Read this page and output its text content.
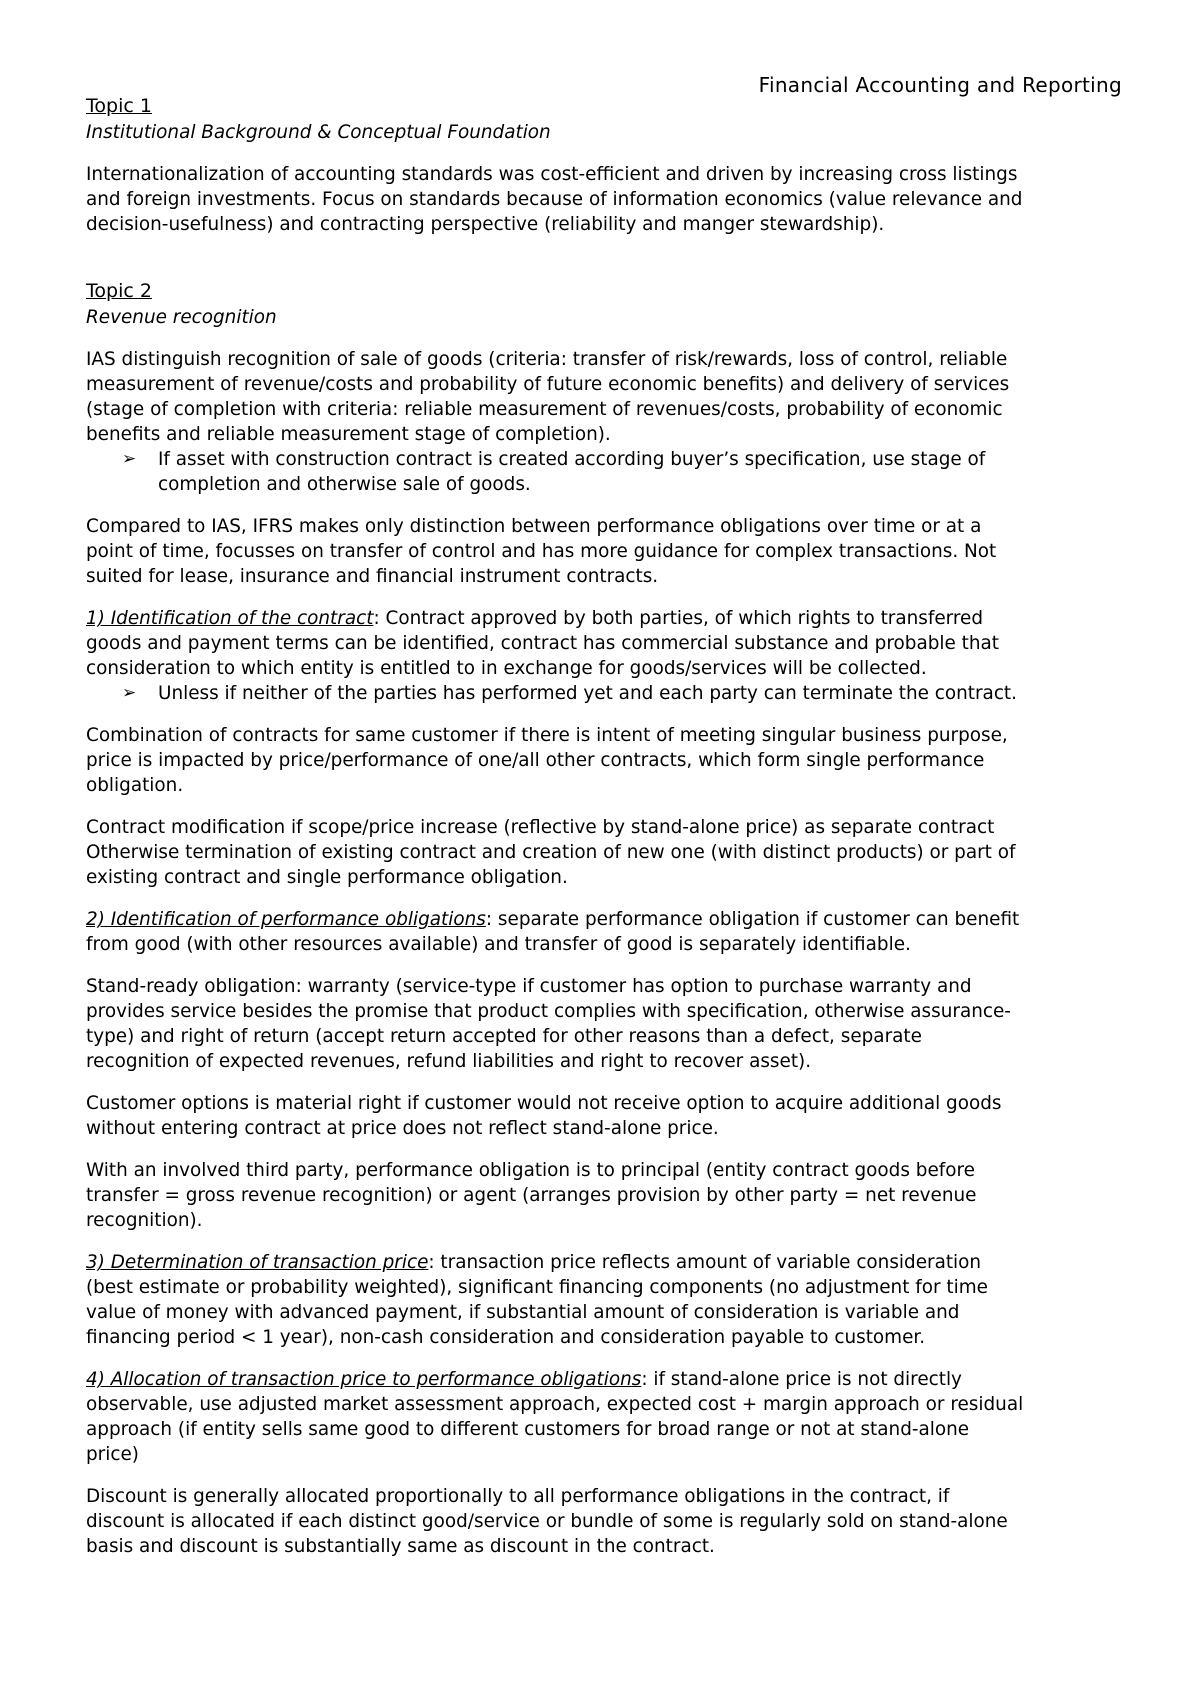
Financial Accounting and Reporting
Topic 1
Institutional Background & Conceptual Foundation
Internationalization of accounting standards was cost-efficient and driven by increasing cross listings
and foreign investments. Focus on standards because of information economics (value relevance and
decision-usefulness) and contracting perspective (reliability and manger stewardship).
Topic 2
Revenue recognition
IAS distinguish recognition of sale of goods (criteria: transfer of risk/rewards, loss of control, reliable
measurement of revenue/costs and probability of future economic benefits) and delivery of services
(stage of completion with criteria: reliable measurement of revenues/costs, probability of economic
benefits and reliable measurement stage of completion).
➢ If asset with construction contract is created according buyer’s specification, use stage of
completion and otherwise sale of goods.
Compared to IAS, IFRS makes only distinction between performance obligations over time or at a
point of time, focusses on transfer of control and has more guidance for complex transactions. Not
suited for lease, insurance and financial instrument contracts.
1) Identification of the contract: Contract approved by both parties, of which rights to transferred
goods and payment terms can be identified, contract has commercial substance and probable that
consideration to which entity is entitled to in exchange for goods/services will be collected.
➢ Unless if neither of the parties has performed yet and each party can terminate the contract.
Combination of contracts for same customer if there is intent of meeting singular business purpose,
price is impacted by price/performance of one/all other contracts, which form single performance
obligation.
Contract modification if scope/price increase (reflective by stand-alone price) as separate contract
Otherwise termination of existing contract and creation of new one (with distinct products) or part of
existing contract and single performance obligation.
2) Identification of performance obligations: separate performance obligation if customer can benefit
from good (with other resources available) and transfer of good is separately identifiable.
Stand-ready obligation: warranty (service-type if customer has option to purchase warranty and
provides service besides the promise that product complies with specification, otherwise assurance-
type) and right of return (accept return accepted for other reasons than a defect, separate
recognition of expected revenues, refund liabilities and right to recover asset).
Customer options is material right if customer would not receive option to acquire additional goods
without entering contract at price does not reflect stand-alone price.
With an involved third party, performance obligation is to principal (entity contract goods before
transfer = gross revenue recognition) or agent (arranges provision by other party = net revenue
recognition).
3) Determination of transaction price: transaction price reflects amount of variable consideration
(best estimate or probability weighted), significant financing components (no adjustment for time
value of money with advanced payment, if substantial amount of consideration is variable and
financing period < 1 year), non-cash consideration and consideration payable to customer.
4) Allocation of transaction price to performance obligations: if stand-alone price is not directly
observable, use adjusted market assessment approach, expected cost + margin approach or residual
approach (if entity sells same good to different customers for broad range or not at stand-alone
price)
Discount is generally allocated proportionally to all performance obligations in the contract, if
discount is allocated if each distinct good/service or bundle of some is regularly sold on stand-alone
basis and discount is substantially same as discount in the contract.
